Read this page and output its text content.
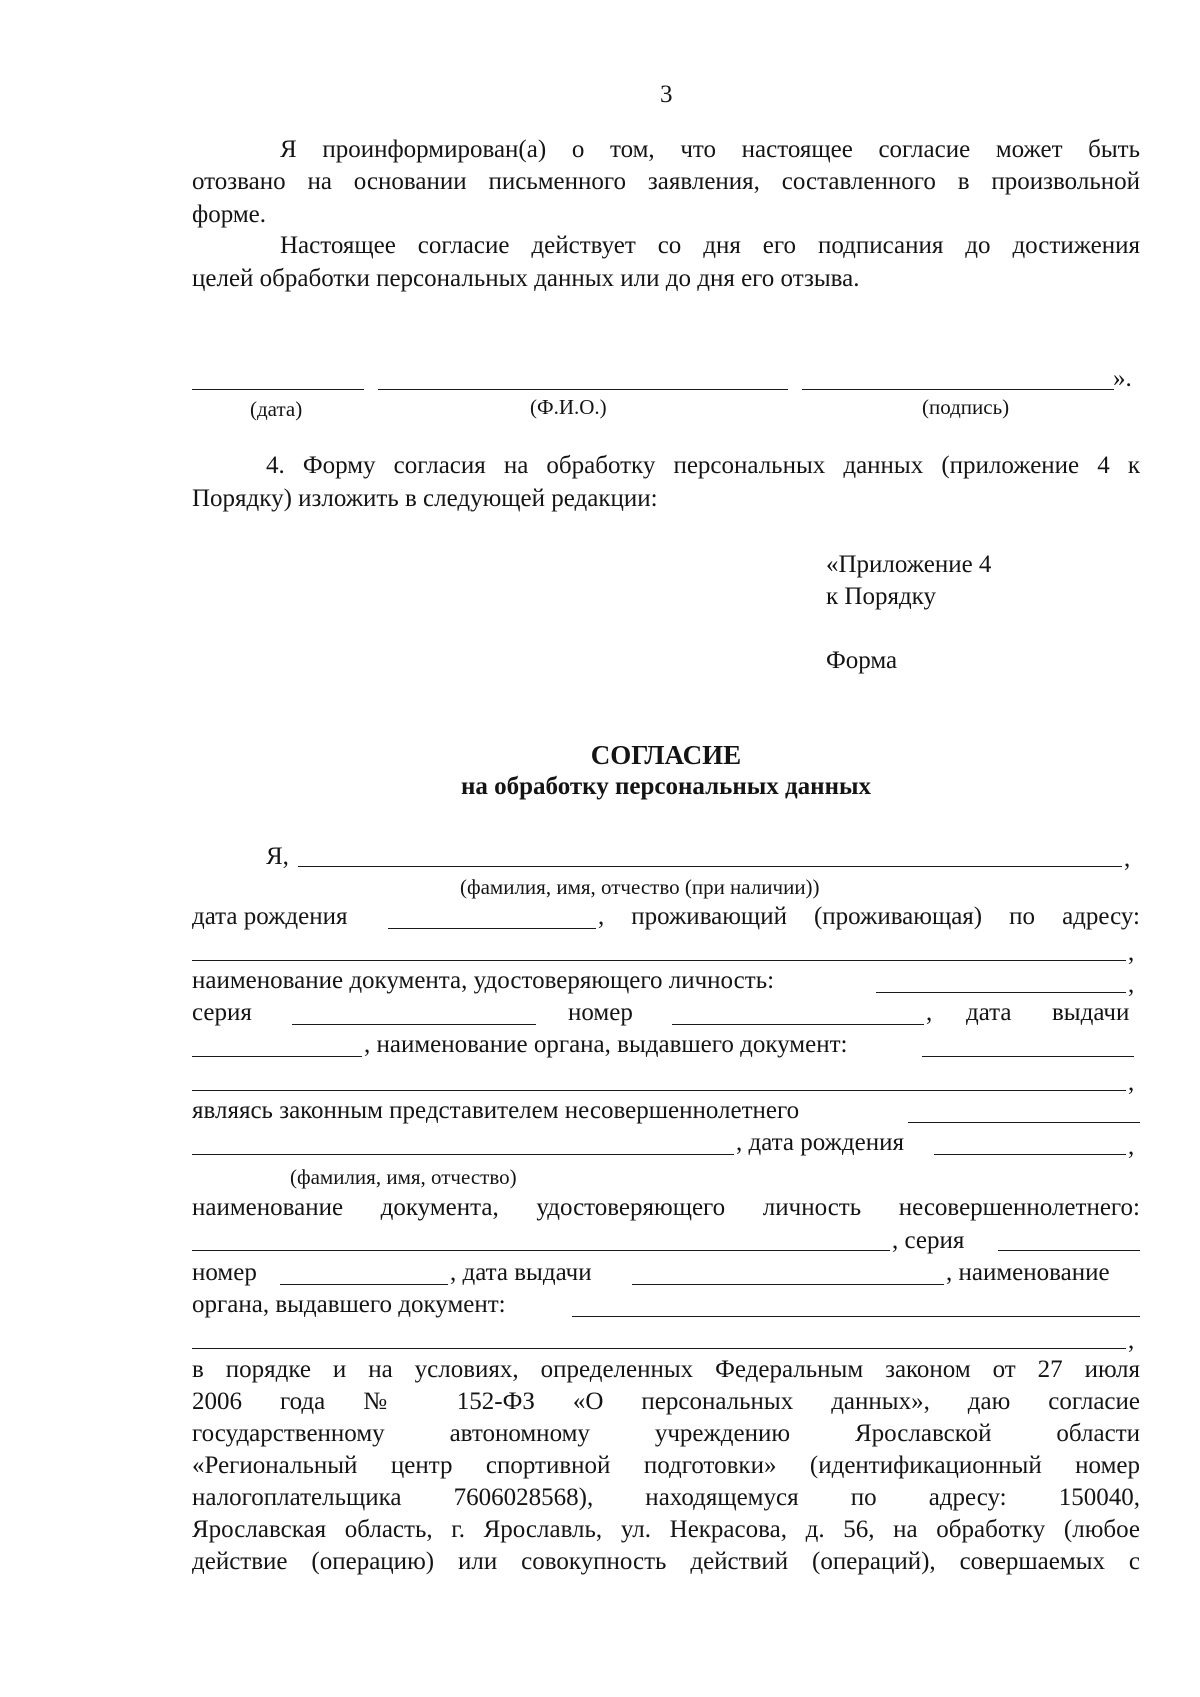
3
Я проинформирован(а) о том, что настоящее согласие может быть
отозвано на основании письменного заявления, составленного в произвольной
форме.
Настоящее согласие действует со дня его подписания до достижения
целей обработки персональных данных или до дня его отзыва.
».
(дата)	(Ф.И.О.)	(подпись)
4. Форму согласия на обработку персональных данных (приложение 4 к
Порядку) изложить в следующей редакции:
«Приложение 4
к Порядку
Форма
СОГЛАСИЕ
на обработку персональных данных
Я,	,
(фамилия, имя, отчество (при наличии))
дата рождения	, проживающий (проживающая) по адресу:
,
наименование документа, удостоверяющего личность:	,
серия	номер	, дата выдачи
, наименование органа, выдавшего документ:
,
являясь законным представителем несовершеннолетнего
, дата рождения	,
(фамилия, имя, отчество)
наименование документа, удостоверяющего личность несовершеннолетнего:
, серия
номер	, дата выдачи	, наименование
органа, выдавшего документ:
,
в порядке и на условиях, определенных Федеральным законом от 27 июля
2006 года № 152-ФЗ «О персональных данных», даю согласие
государственному автономному учреждению Ярославской области
«Региональный центр спортивной подготовки» (идентификационный номер
налогоплательщика 7606028568), находящемуся по адресу: 150040,
Ярославская область, г. Ярославль, ул. Некрасова, д. 56, на обработку (любое
действие (операцию) или совокупность действий (операций), совершаемых с
